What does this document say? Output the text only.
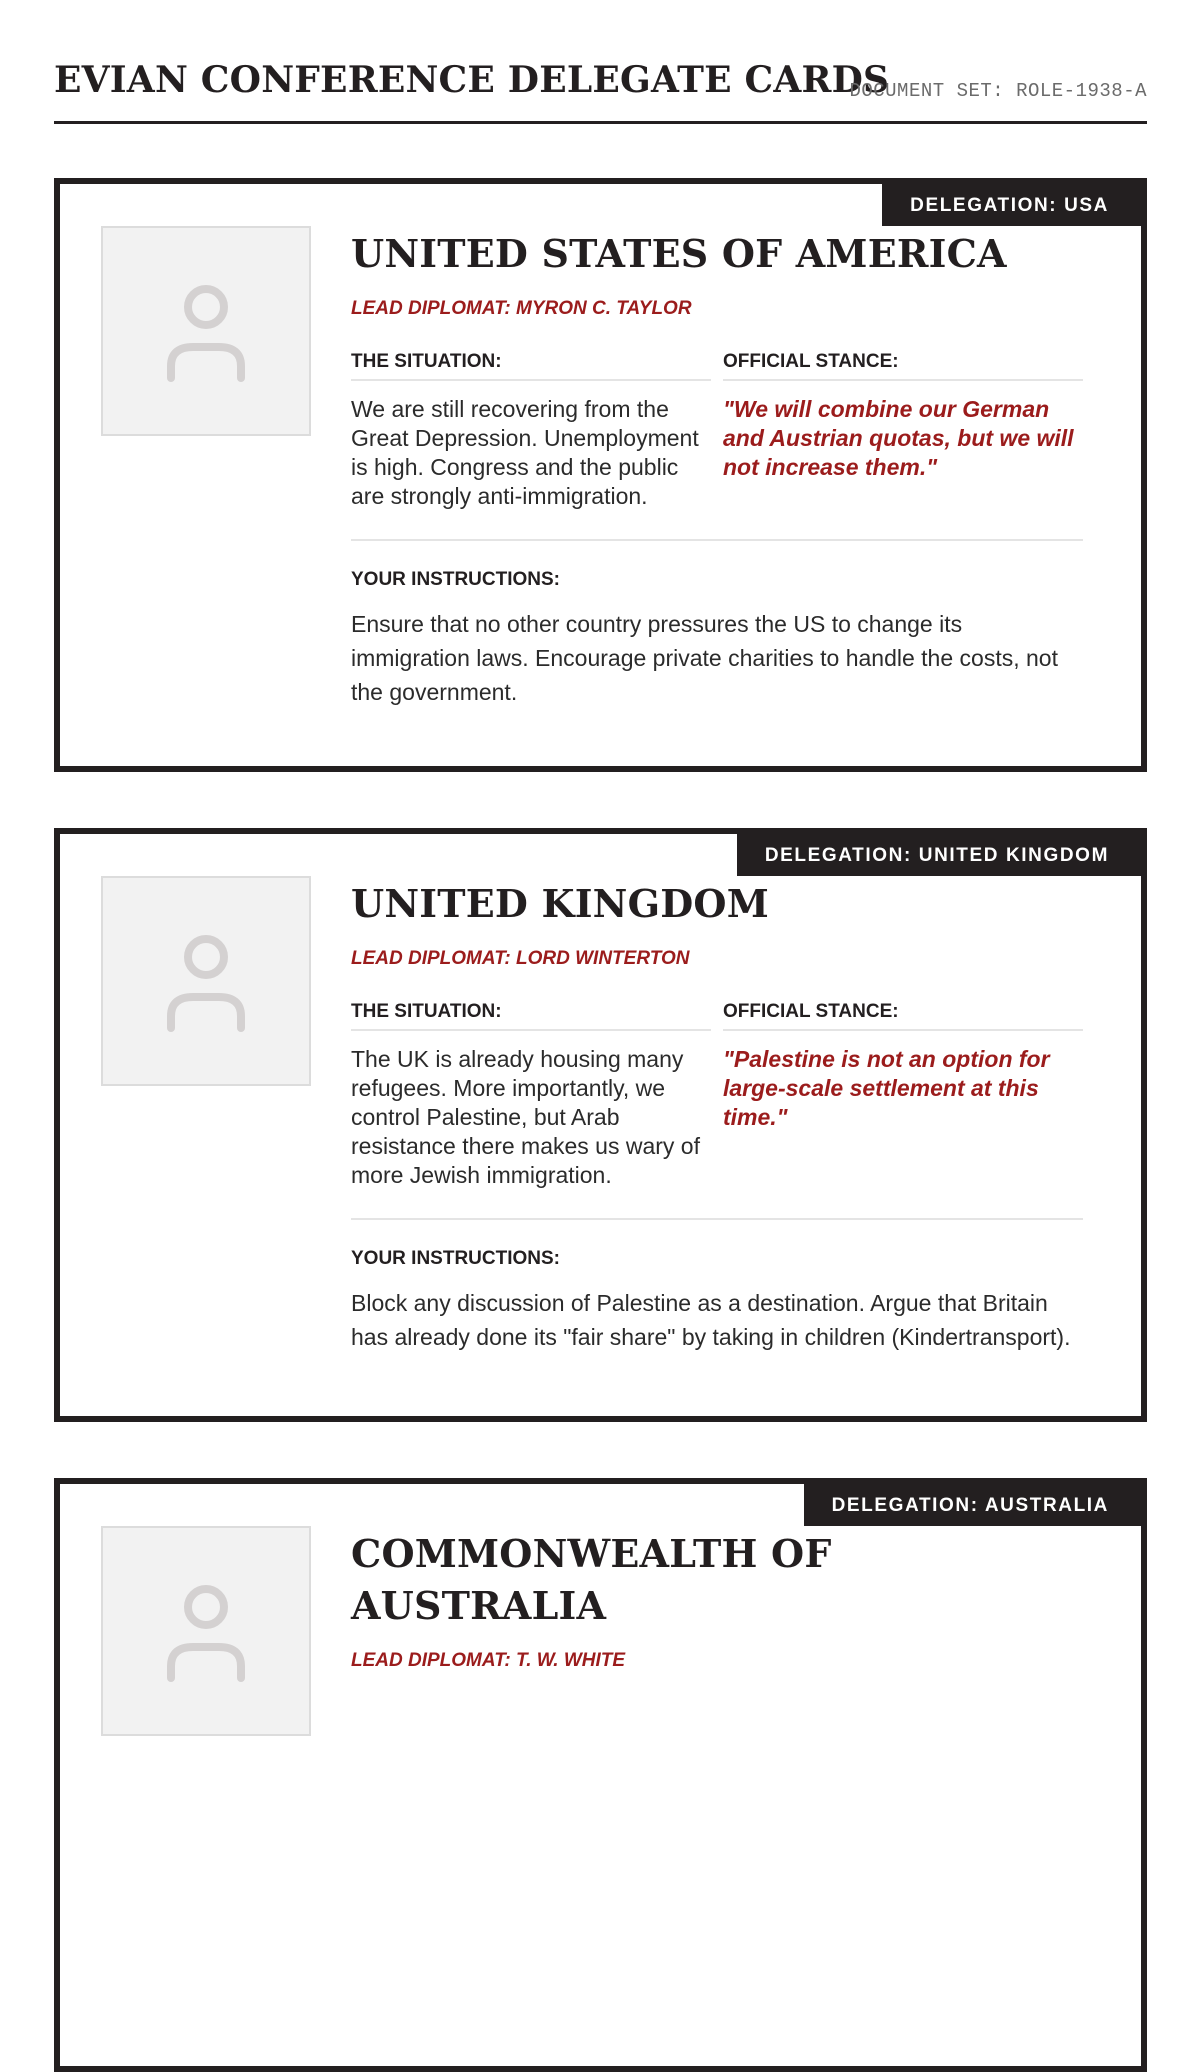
EVIAN CONFERENCE DELEGATE CARDS
DOCUMENT SET: ROLE-1938-A
DELEGATION: USA
UNITED STATES OF AMERICA
LEAD DIPLOMAT: MYRON C. TAYLOR
THE SITUATION:
We are still recovering from the Great Depression. Unemployment is high. Congress and the public are strongly anti-immigration.
OFFICIAL STANCE:
"We will combine our German and Austrian quotas, but we will not increase them."
YOUR INSTRUCTIONS:
Ensure that no other country pressures the US to change its immigration laws. Encourage private charities to handle the costs, not the government.
DELEGATION: UNITED KINGDOM
UNITED KINGDOM
LEAD DIPLOMAT: LORD WINTERTON
THE SITUATION:
The UK is already housing many refugees. More importantly, we control Palestine, but Arab resistance there makes us wary of more Jewish immigration.
OFFICIAL STANCE:
"Palestine is not an option for large-scale settlement at this time."
YOUR INSTRUCTIONS:
Block any discussion of Palestine as a destination. Argue that Britain has already done its "fair share" by taking in children (Kindertransport).
DELEGATION: AUSTRALIA
COMMONWEALTH OF AUSTRALIA
LEAD DIPLOMAT: T. W. WHITE
